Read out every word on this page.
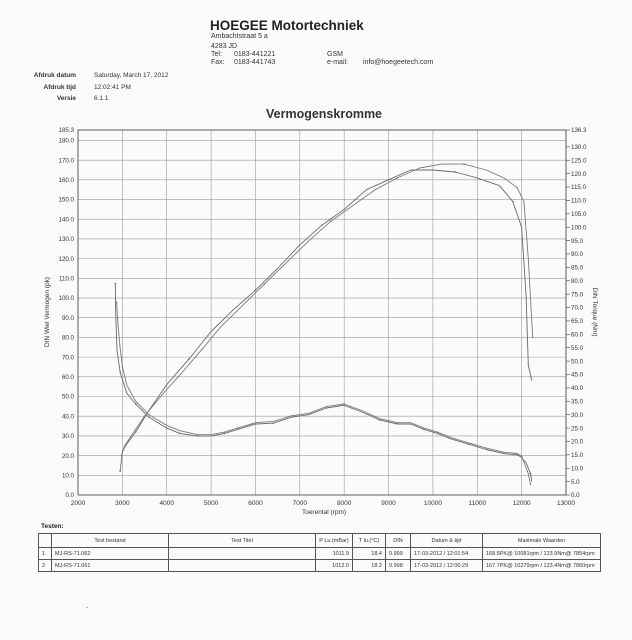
HOEGEE Motortechniek
Ambachtstraat 5 a
4283 JD
Tel: 0183-441221
Fax: 0183-441743
GSM
e-mail: info@hoegeetech.com
Afdruk datum	Saturday, March 17, 2012
Afdruk tijd	12:02:41 PM
Versie	6.1.1
Vermogenskromme
2000	3000	4000	5000	6000	7000	8000	9000	10000	11000	12000	13000
0.0
10.0
20.0
30.0
40.0
50.0
60.0
70.0
80.0
90.0
100.0
110.0
120.0
130.0
140.0
150.0
160.0
170.0
180.0
185.3
0.0
5.0
10.0
15.0
20.0
25.0
30.0
35.0
40.0
45.0
50.0
55.0
60.0
65.0
70.0
75.0
80.0
85.0
90.0
95.0
100.0
105.0
110.0
115.0
120.0
125.0
130.0
136.3
Toerental (rpm)
DIN Wiel Vermogen (pk)	DIN Torque (Nm)
Testen:
	Test bestand	Test Titel	P Lu.(mBar)	T lu.(°C)	DIN	Datum & tijd	Maximale Waarden
1	MJ-RS-71.062		1011.9	18.4	0.999	17-03-2012 / 12:01:54	168.5PK@ 10081rpm / 123.9Nm@ 7854rpm
2	MJ-RS-71.061		1012.0	18.2	0.998	17-03-2012 / 12:00:29	167.7PK@ 10279rpm / 123.4Nm@ 7860rpm
-
